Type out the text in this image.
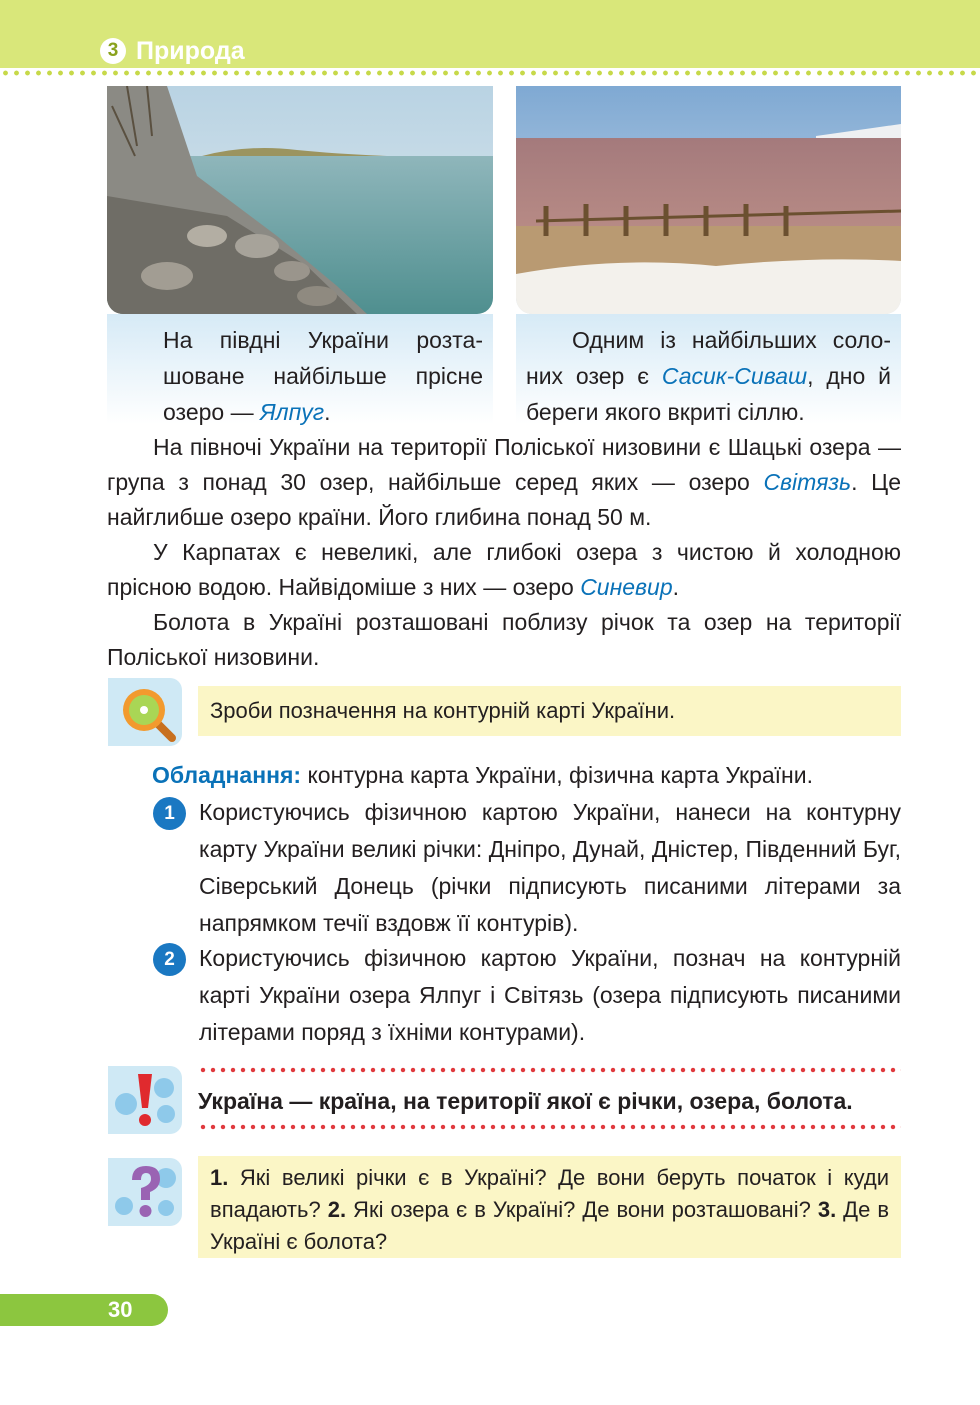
3 Природа
На півдні України розташоване найбільше прісне озеро — Ялпуг.
Одним із найбільших солоних озер є Сасик-Сиваш, дно й береги якого вкриті сіллю.

На півночі України на території Поліської низовини є Шацькі озера — група з понад 30 озер, найбільше серед яких — озеро Світязь. Це найглибше озеро країни. Його глибина понад 50 м.

У Карпатах є невеликі, але глибокі озера з чистою й холодною прісною водою. Найвідоміше з них — озеро Синевир.

Болота в Україні розташовані поблизу річок та озер на території Поліської низовини.

Зроби позначення на контурній карті України.
Обладнання: контурна карта України, фізична карта України.
1	Користуючись фізичною картою України, нанеси на контурну карту України великі річки: Дніпро, Дунай, Дністер, Південний Буг, Сіверський Донець (річки підписують писаними літерами за напрямком течії вздовж її контурів).

2	Користуючись фізичною картою України, познач на контурній карті України озера Ялпуг і Світязь (озера підписують писаними літерами поряд з їхніми контурами).

Україна — країна, на території якої є річки, озера, болота.
1. Які великі річки є в Україні? Де вони беруть початок і куди впадають? 2. Які озера є в Україні? Де вони розташовані? 3. Де в Україні є болота?
30
